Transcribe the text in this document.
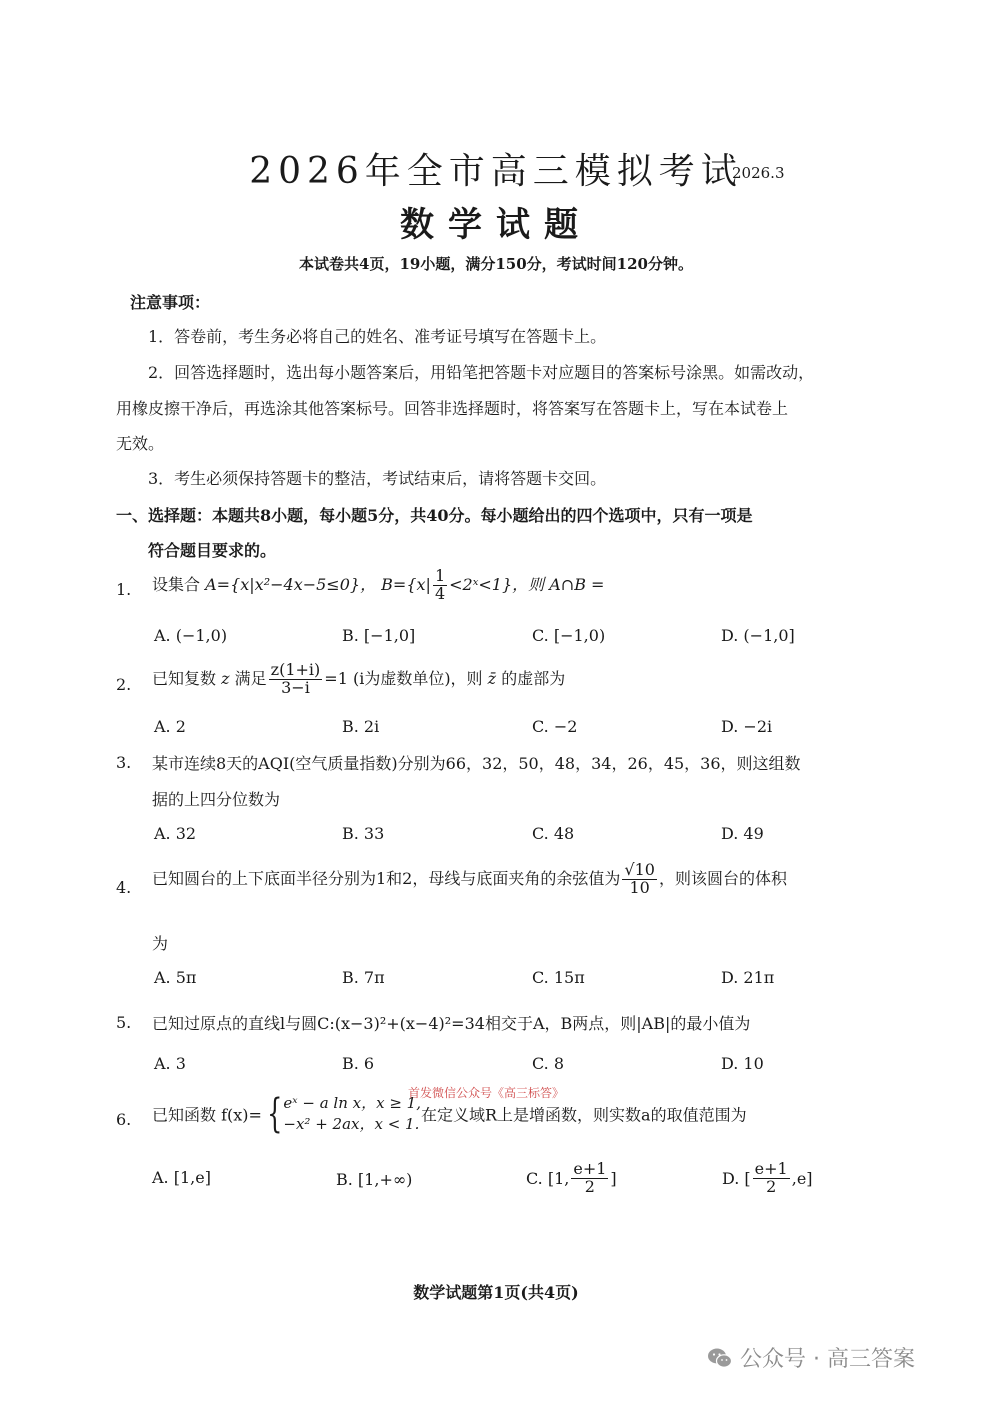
2026年全市高三模拟考试
2026.3
数学试题
本试卷共4页，19小题，满分150分，考试时间120分钟。
注意事项：
1．答卷前，考生务必将自己的姓名、准考证号填写在答题卡上。
2．回答选择题时，选出每小题答案后，用铅笔把答题卡对应题目的答案标号涂黑。如需改动，
用橡皮擦干净后，再选涂其他答案标号。回答非选择题时，将答案写在答题卡上，写在本试卷上
无效。
3．考生必须保持答题卡的整洁，考试结束后，请将答题卡交回。
一、选择题：本题共8小题，每小题5分，共40分。每小题给出的四个选项中，只有一项是
符合题目要求的。
1. 设集合 A={x|x²−4x−5≤0}， $B=\{x| \frac{1}{4}$ <2ˣ<1}，则 A∩B =
A. (−1,0)	B. [−1,0]	C. [−1,0)	D. (−1,0]
2. 已知复数 z 满足 $\frac{z(1+i)}{3-i} =1$ (i为虚数单位)，则 z̄ 的虚部为
A. 2	B. 2i	C. −2	D. −2i
3. 某市连续8天的AQI(空气质量指数)分别为66，32，50，48，34，26，45，36，则这组数
据的上四分位数为
A. 32	B. 33	C. 48	D. 49
4. 已知圆台的上下底面半径分别为1和2，母线与底面夹角的余弦值为 $\frac{√10}{10}$ ，则该圆台的体积
为
A. 5π	B. 7π	C. 15π	D. 21π
5. 已知过原点的直线l与圆C:(x−3)²+(x−4)²=34相交于A，B两点，则|AB|的最小值为
A. 3	B. 6	C. 8	D. 10
首发微信公众号《高三标答》
6. 已知函数 f(x)= { eˣ − a ln x，x ≥ 1,
−x² + 2ax，x < 1. 在定义域R上是增函数，则实数a的取值范围为
A. [1,e]	B. [1,+∞)	C. [1, $\frac{e+1}{2}$ ]	D. [ $\frac{e+1}{2} ,e$]
数学试题第1页(共4页)
公众号 · 高三答案
